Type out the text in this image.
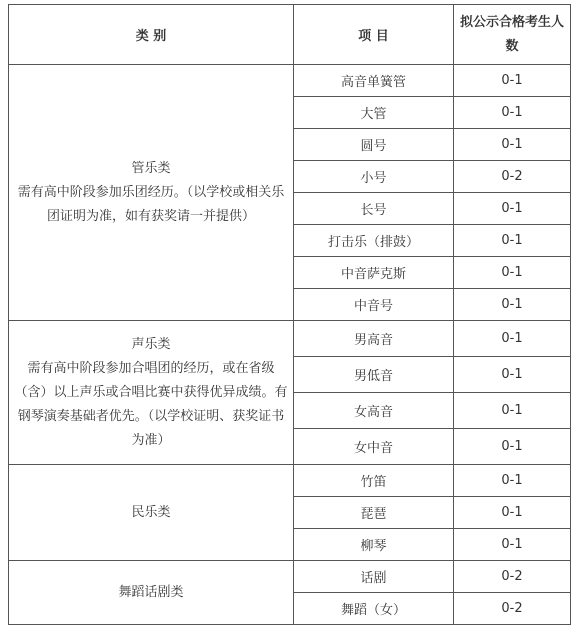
类 别	项 目	拟公示合格考生人数

管乐类
需有高中阶段参加乐团经历。（以学校或相关乐团证明为准，如有获奖请一并提供）	高音单簧管	0-1
	大管	0-1
	圆号	0-1
	小号	0-2
	长号	0-1
	打击乐（排鼓）	0-1
	中音萨克斯	0-1
	中音号	0-1

声乐类
需有高中阶段参加合唱团的经历，或在省级（含）以上声乐或合唱比赛中获得优异成绩。有钢琴演奏基础者优先。（以学校证明、获奖证书为准）	男高音	0-1
	男低音	0-1
	女高音	0-1
	女中音	0-1

民乐类	竹笛	0-1
	琵琶	0-1
	柳琴	0-1

舞蹈话剧类	话剧	0-2
	舞蹈（女）	0-2
